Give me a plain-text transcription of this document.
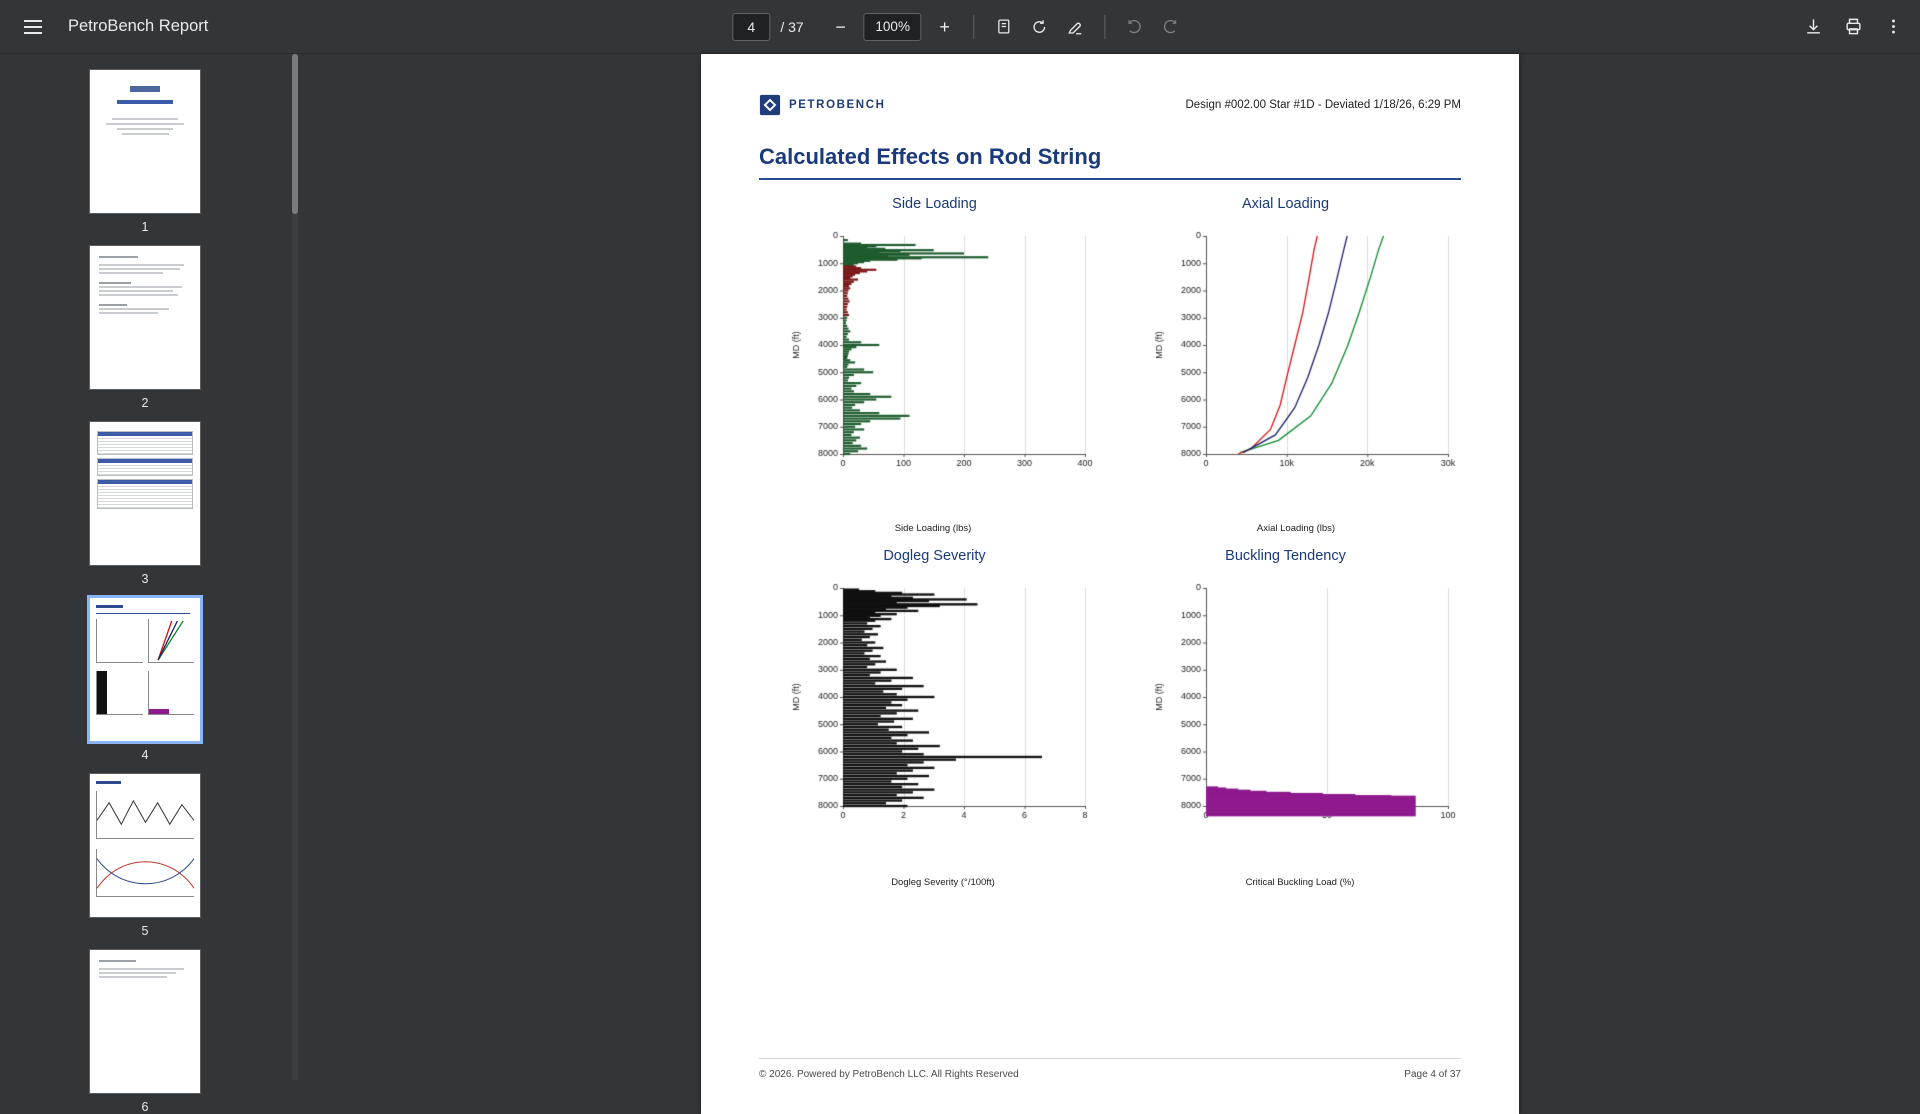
PetroBench Report	4	/ 37	−	100%	+
1
2
3
4
5
6
PETROBENCH	Design #002.00 Star #1D - Deviated 1/18/26, 6:29 PM
Calculated Effects on Rod String
Side Loading
Side Loading (lbs)
Axial Loading
Axial Loading (lbs)
Dogleg Severity
Dogleg Severity (°/100ft)
Buckling Tendency
Critical Buckling Load (%)
© 2026. Powered by PetroBench LLC. All Rights Reserved	Page 4 of 37
